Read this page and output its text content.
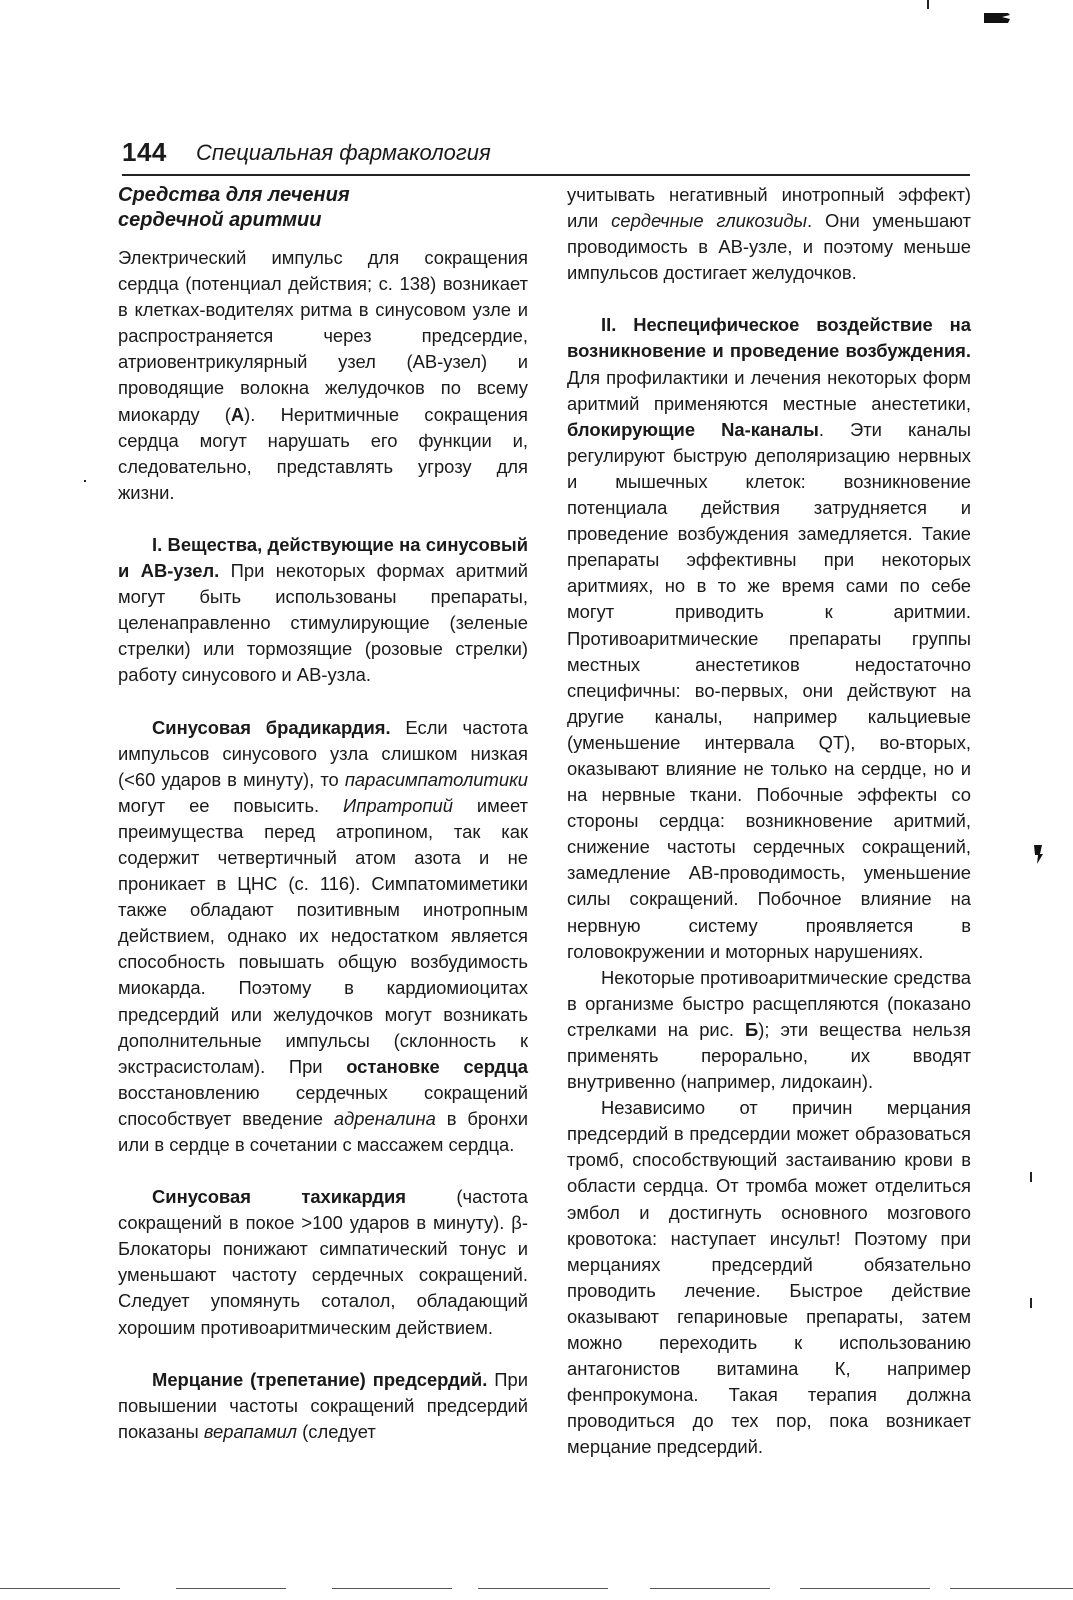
144 Специальная фармакология
Средства для лечения
сердечной аритмии

Электрический импульс для сокращения сердца (потенциал действия; с. 138) возникает в клетках-водителях ритма в синусовом узле и распространяется через предсердие, атриовентрикулярный узел (АВ-узел) и проводящие волокна желудочков по всему миокарду (А). Неритмичные сокращения сердца могут нарушать его функции и, следовательно, представлять угрозу для жизни.

I. Вещества, действующие на синусовый и АВ-узел. При некоторых формах аритмий могут быть использованы препараты, целенаправленно стимулирующие (зеленые стрелки) или тормозящие (розовые стрелки) работу синусового и АВ-узла.

Синусовая брадикардия. Если частота импульсов синусового узла слишком низкая (<60 ударов в минуту), то парасимпатолитики могут ее повысить. Ипратропий имеет преимущества перед атропином, так как содержит четвертичный атом азота и не проникает в ЦНС (с. 116). Симпатомиметики также обладают позитивным инотропным действием, однако их недостатком является способность повышать общую возбудимость миокарда. Поэтому в кардиомиоцитах предсердий или желудочков могут возникать дополнительные импульсы (склонность к экстрасистолам). При остановке сердца восстановлению сердечных сокращений способствует введение адреналина в бронхи или в сердце в сочетании с массажем сердца.

Синусовая тахикардия (частота сокращений в покое >100 ударов в минуту). β-Блокаторы понижают симпатический тонус и уменьшают частоту сердечных сокращений. Следует упомянуть соталол, обладающий хорошим противоаритмическим действием.

Мерцание (трепетание) предсердий. При повышении частоты сокращений предсердий показаны верапамил (следует

учитывать негативный инотропный эффект) или сердечные гликозиды. Они уменьшают проводимость в АВ-узле, и поэтому меньше импульсов достигает желудочков.

II. Неспецифическое воздействие на возникновение и проведение возбуждения. Для профилактики и лечения некоторых форм аритмий применяются местные анестетики, блокирующие Na-каналы. Эти каналы регулируют быструю деполяризацию нервных и мышечных клеток: возникновение потенциала действия затрудняется и проведение возбуждения замедляется. Такие препараты эффективны при некоторых аритмиях, но в то же время сами по себе могут приводить к аритмии. Противоаритмические препараты группы местных анестетиков недостаточно специфичны: во-первых, они действуют на другие каналы, например кальциевые (уменьшение интервала QT), во-вторых, оказывают влияние не только на сердце, но и на нервные ткани. Побочные эффекты со стороны сердца: возникновение аритмий, снижение частоты сердечных сокращений, замедление АВ-проводимость, уменьшение силы сокращений. Побочное влияние на нервную систему проявляется в головокружении и моторных нарушениях.

Некоторые противоаритмические средства в организме быстро расщепляются (показано стрелками на рис. Б); эти вещества нельзя применять перорально, их вводят внутривенно (например, лидокаин).

Независимо от причин мерцания предсердий в предсердии может образоваться тромб, способствующий застаиванию крови в области сердца. От тромба может отделиться эмбол и достигнуть основного мозгового кровотока: наступает инсульт! Поэтому при мерцаниях предсердий обязательно проводить лечение. Быстрое действие оказывают гепариновые препараты, затем можно переходить к использованию антагонистов витамина К, например фенпрокумона. Такая терапия должна проводиться до тех пор, пока возникает мерцание предсердий.
